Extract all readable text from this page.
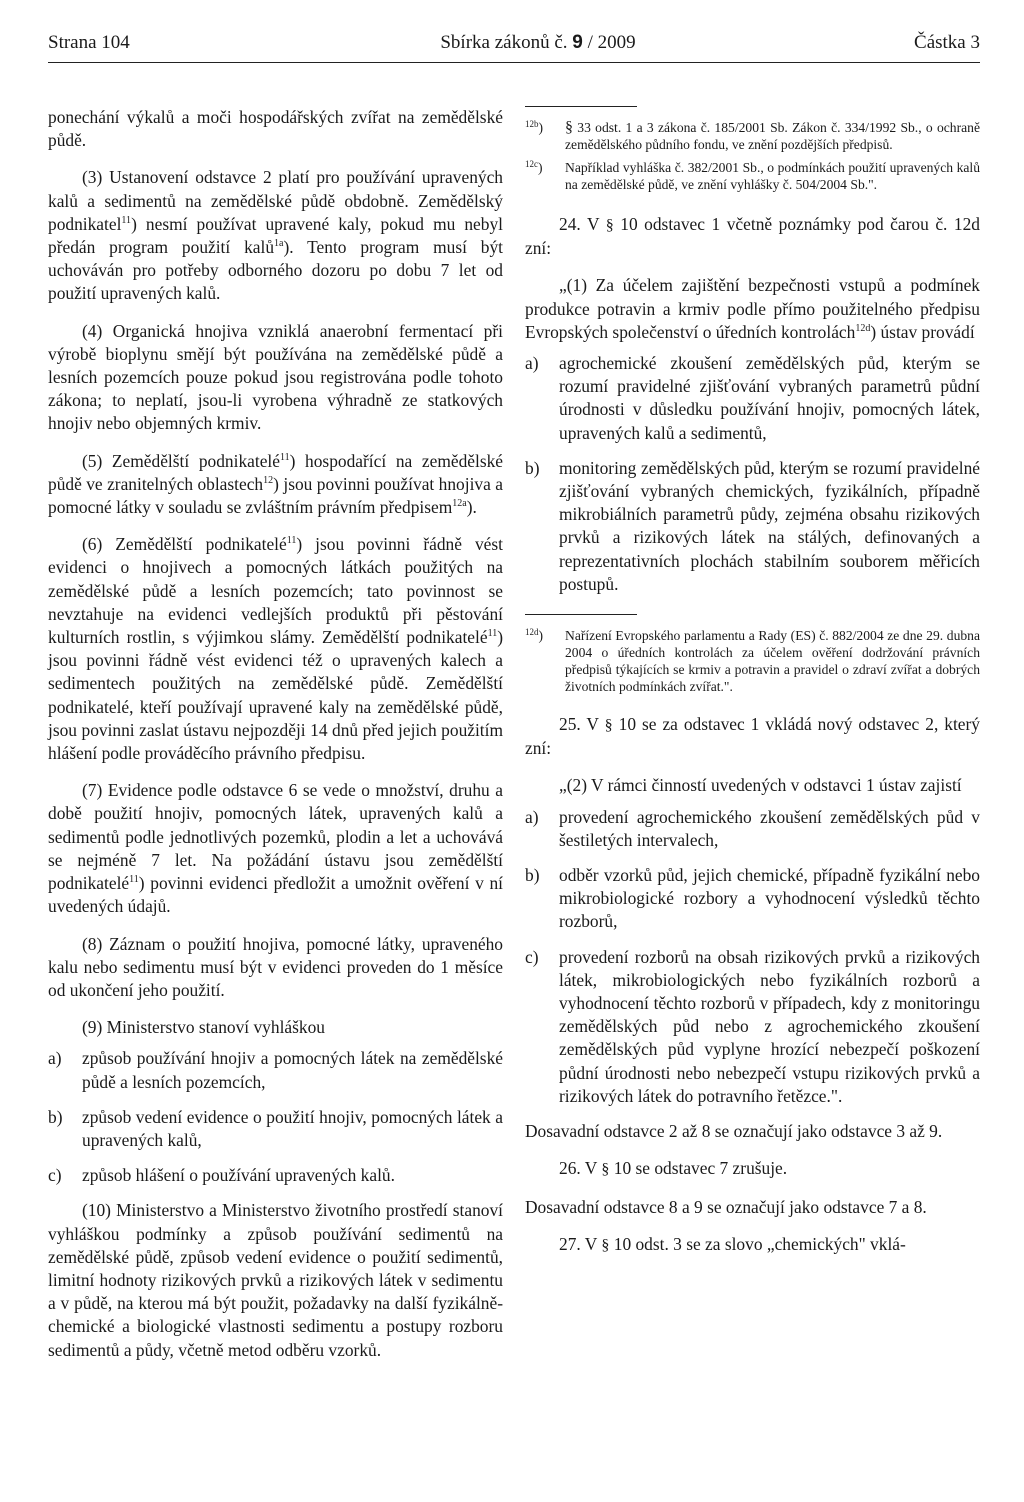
Strana 104	Sbírka zákonů č. 9 / 2009	Částka 3

ponechání výkalů a moči hospodářských zvířat na zemědělské půdě.

(3) Ustanovení odstavce 2 platí pro používání upravených kalů a sedimentů na zemědělské půdě obdobně. Zemědělský podnikatel$^{11}$) nesmí používat upravené kaly, pokud mu nebyl předán program použití kalů$^{1a}$). Tento program musí být uchováván pro potřeby odborného dozoru po dobu 7 let od použití upravených kalů.

(4) Organická hnojiva vzniklá anaerobní fermentací při výrobě bioplynu smějí být používána na zemědělské půdě a lesních pozemcích pouze pokud jsou registrována podle tohoto zákona; to neplatí, jsou-li vyrobena výhradně ze statkových hnojiv nebo objemných krmiv.

(5) Zemědělští podnikatelé$^{11}$) hospodařící na zemědělské půdě ve zranitelných oblastech$^{12}$) jsou povinni používat hnojiva a pomocné látky v souladu se zvláštním právním předpisem$^{12a}$).

(6) Zemědělští podnikatelé$^{11}$) jsou povinni řádně vést evidenci o hnojivech a pomocných látkách použitých na zemědělské půdě a lesních pozemcích; tato povinnost se nevztahuje na evidenci vedlejších produktů při pěstování kulturních rostlin, s výjimkou slámy. Zemědělští podnikatelé$^{11}$) jsou povinni řádně vést evidenci též o upravených kalech a sedimentech použitých na zemědělské půdě. Zemědělští podnikatelé, kteří používají upravené kaly na zemědělské půdě, jsou povinni zaslat ústavu nejpozději 14 dnů před jejich použitím hlášení podle prováděcího právního předpisu.

(7) Evidence podle odstavce 6 se vede o množství, druhu a době použití hnojiv, pomocných látek, upravených kalů a sedimentů podle jednotlivých pozemků, plodin a let a uchovává se nejméně 7 let. Na požádání ústavu jsou zemědělští podnikatelé$^{11}$) povinni evidenci předložit a umožnit ověření v ní uvedených údajů.

(8) Záznam o použití hnojiva, pomocné látky, upraveného kalu nebo sedimentu musí být v evidenci proveden do 1 měsíce od ukončení jeho použití.

(9) Ministerstvo stanoví vyhláškou

a)	způsob používání hnojiv a pomocných látek na zemědělské půdě a lesních pozemcích,
b)	způsob vedení evidence o použití hnojiv, pomocných látek a upravených kalů,
c)	způsob hlášení o používání upravených kalů.

(10) Ministerstvo a Ministerstvo životního prostředí stanoví vyhláškou podmínky a způsob používání sedimentů na zemědělské půdě, způsob vedení evidence o použití sedimentů, limitní hodnoty rizikových prvků a rizikových látek v sedimentu a v půdě, na kterou má být použit, požadavky na další fyzikálně-chemické a biologické vlastnosti sedimentu a postupy rozboru sedimentů a půdy, včetně metod odběru vzorků.

$^{12b}$)	§ 33 odst. 1 a 3 zákona č. 185/2001 Sb. Zákon č. 334/1992 Sb., o ochraně zemědělského půdního fondu, ve znění pozdějších předpisů.
$^{12c}$)	Například vyhláška č. 382/2001 Sb., o podmínkách použití upravených kalů na zemědělské půdě, ve znění vyhlášky č. 504/2004 Sb.".

24. V § 10 odstavec 1 včetně poznámky pod čarou č. 12d zní:

„(1) Za účelem zajištění bezpečnosti vstupů a podmínek produkce potravin a krmiv podle přímo použitelného předpisu Evropských společenství o úředních kontrolách$^{12d}$) ústav provádí

a)	agrochemické zkoušení zemědělských půd, kterým se rozumí pravidelné zjišťování vybraných parametrů půdní úrodnosti v důsledku používání hnojiv, pomocných látek, upravených kalů a sedimentů,
b)	monitoring zemědělských půd, kterým se rozumí pravidelné zjišťování vybraných chemických, fyzikálních, případně mikrobiálních parametrů půdy, zejména obsahu rizikových prvků a rizikových látek na stálých, definovaných a reprezentativních plochách stabilním souborem měřicích postupů.
$^{12d}$)	Nařízení Evropského parlamentu a Rady (ES) č. 882/2004 ze dne 29. dubna 2004 o úředních kontrolách za účelem ověření dodržování právních předpisů týkajících se krmiv a potravin a pravidel o zdraví zvířat a dobrých životních podmínkách zvířat.".

25. V § 10 se za odstavec 1 vkládá nový odstavec 2, který zní:

„(2) V rámci činností uvedených v odstavci 1 ústav zajistí

a)	provedení agrochemického zkoušení zemědělských půd v šestiletých intervalech,
b)	odběr vzorků půd, jejich chemické, případně fyzikální nebo mikrobiologické rozbory a vyhodnocení výsledků těchto rozborů,
c)	provedení rozborů na obsah rizikových prvků a rizikových látek, mikrobiologických nebo fyzikálních rozborů a vyhodnocení těchto rozborů v případech, kdy z monitoringu zemědělských půd nebo z agrochemického zkoušení zemědělských půd vyplyne hrozící nebezpečí poškození půdní úrodnosti nebo nebezpečí vstupu rizikových prvků a rizikových látek do potravního řetězce.".

Dosavadní odstavce 2 až 8 se označují jako odstavce 3 až 9.

26. V § 10 se odstavec 7 zrušuje.

Dosavadní odstavce 8 a 9 se označují jako odstavce 7 a 8.

27. V § 10 odst. 3 se za slovo „chemických" vklá-
